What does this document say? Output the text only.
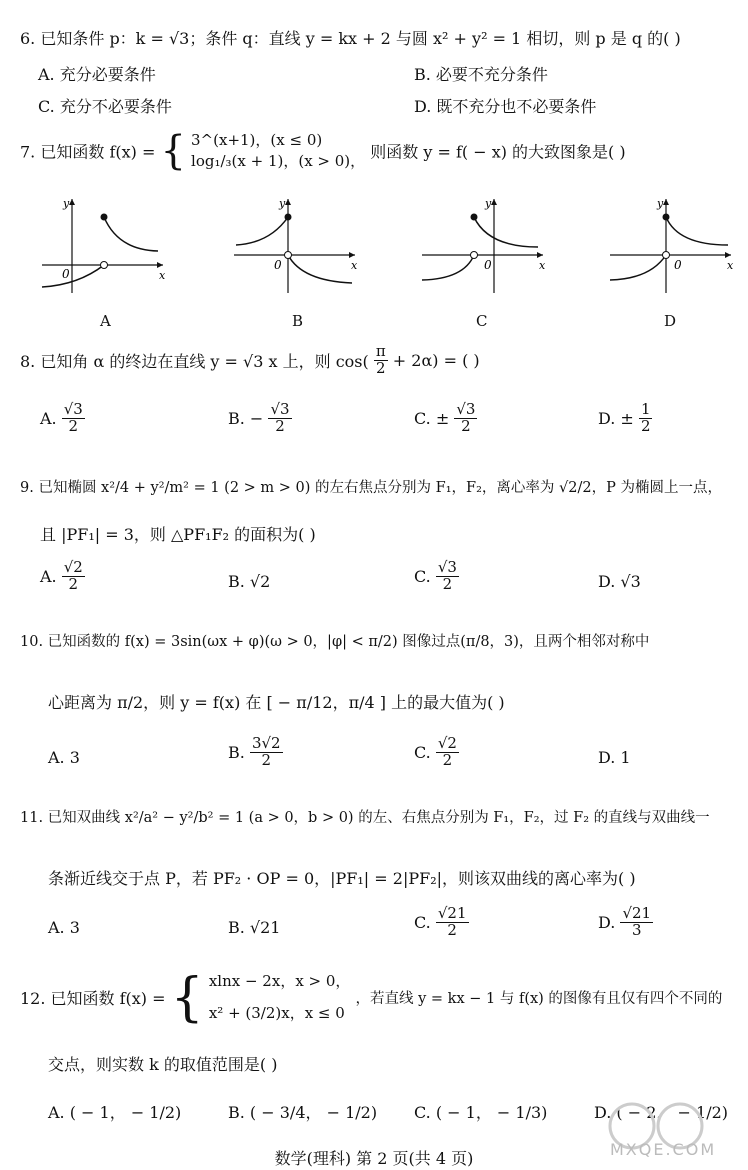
6. 已知条件 p：k = √3；条件 q：直线 y = kx + 2 与圆 x² + y² = 1 相切，则 p 是 q 的( )
A. 充分必要条件	B. 必要不充分条件
C. 充分不必要条件	D. 既不充分也不必要条件
7. 已知函数 f(x) = { 3^(x+1)，(x ≤ 0)
log₁/₃(x + 1)，(x > 0)， 则函数 y = f( − x) 的大致图象是( )
0	x
y
A
0	x
y
B
0	x
y
C
0	x
y
D
8. 已知角 α 的终边在直线 y = √3 x 上，则 $\cos( \frac{\pi}{2} + 2\alpha)$ = ( )
A. $\frac{√3}{2}$	B. − $\frac{√3}{2}$	C. ± $\frac{√3}{2}$	D. ± $\frac{1}{2}$
9. 已知椭圆 x²/4 + y²/m² = 1 (2 > m > 0) 的左右焦点分别为 F₁，F₂，离心率为 √2/2，P 为椭圆上一点，
且 |PF₁| = 3，则 △PF₁F₂ 的面积为( )
A. $\frac{√2}{2}$	B. √2	C. $\frac{√3}{2}$	D. √3
10. 已知函数的 f(x) = 3sin(ωx + φ)(ω > 0，|φ| < π/2) 图像过点(π/8，3)，且两个相邻对称中
心距离为 π/2，则 y = f(x) 在 [ − π/12，π/4 ] 上的最大值为( )
A. 3	B. $\frac{3√2}{2}$	C. $\frac{√2}{2}$	D. 1
11. 已知双曲线 x²/a² − y²/b² = 1 (a > 0，b > 0) 的左、右焦点分别为 F₁，F₂，过 F₂ 的直线与双曲线一
条渐近线交于点 P，若 PF₂ · OP = 0，|PF₁| = 2|PF₂|，则该双曲线的离心率为( )
A. 3	B. √21	C. $\frac{√21}{2}$	D. $\frac{√21}{3}$
12. 已知函数 f(x) = { xlnx − 2x，x > 0，
x² + (3/2)x，x ≤ 0
，若直线 y = kx − 1 与 f(x) 的图像有且仅有四个不同的
交点，则实数 k 的取值范围是( )
A. ( − 1， − 1/2)	B. ( − 3/4， − 1/2) C. ( − 1， − 1/3)	D. ( − 2， − 1/2)
MXQE.COM
数学(理科) 第 2 页(共 4 页)
